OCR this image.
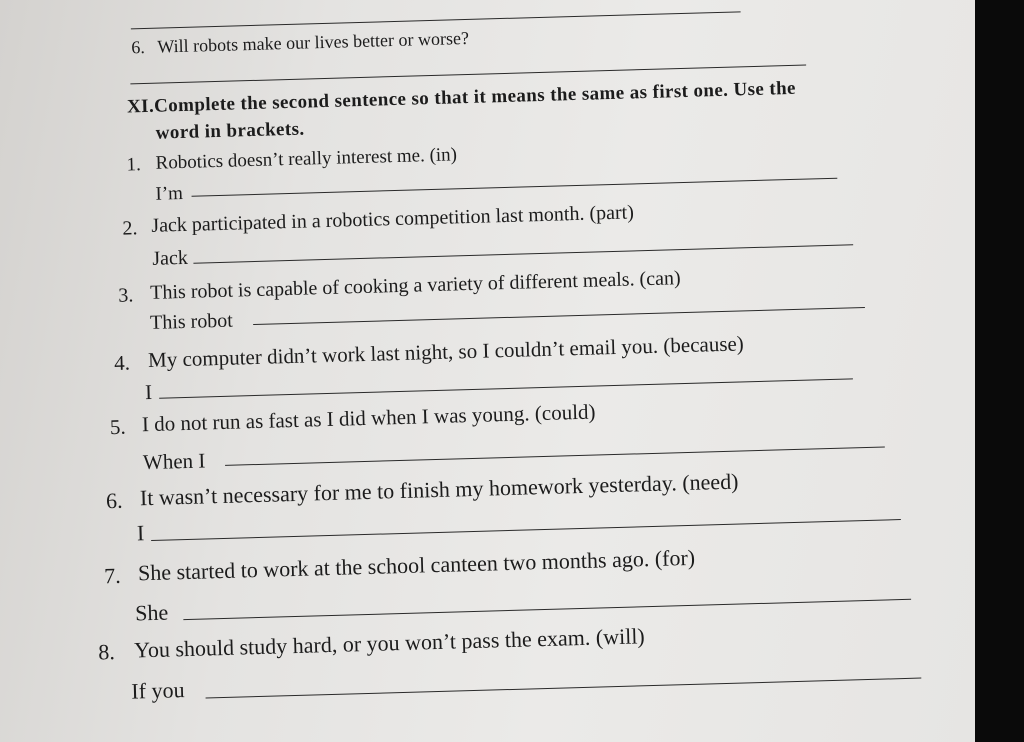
6. Will robots make our lives better or worse?
XI.Complete the second sentence so that it means the same as first one. Use the
word in brackets.
1. Robotics doesn’t really interest me. (in)
I’m
2. Jack participated in a robotics competition last month. (part)
Jack
3. This robot is capable of cooking a variety of different meals. (can)
This robot
4. My computer didn’t work last night, so I couldn’t email you. (because)
I
5. I do not run as fast as I did when I was young. (could)
When I
6. It wasn’t necessary for me to finish my homework yesterday. (need)
I
7. She started to work at the school canteen two months ago. (for)
She
8. You should study hard, or you won’t pass the exam. (will)
If you
